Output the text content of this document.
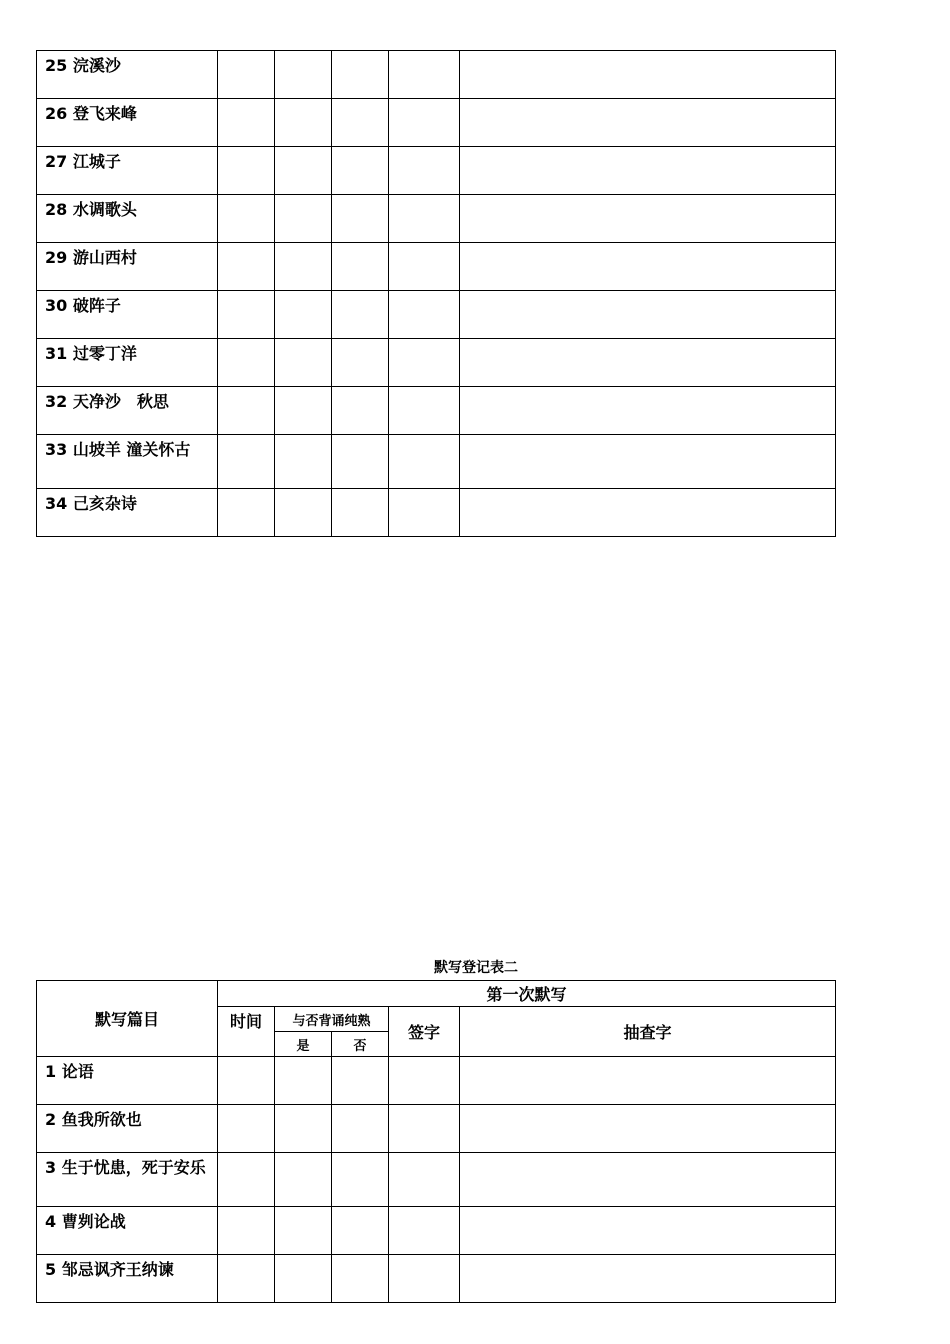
25 浣溪沙					
26 登飞来峰					
27 江城子					
28 水调歌头					
29 游山西村					
30 破阵子					
31 过零丁洋					
32 天净沙　秋思					
33 山坡羊 潼关怀古					
34 己亥杂诗					
默写登记表二
默写篇目	第一次默写				
	时间	与否背诵纯熟		签字	抽查字
		是	否		
1 论语					
2 鱼我所欲也					
3 生于忧患，死于安乐					
4 曹刿论战					
5 邹忌讽齐王纳谏					
